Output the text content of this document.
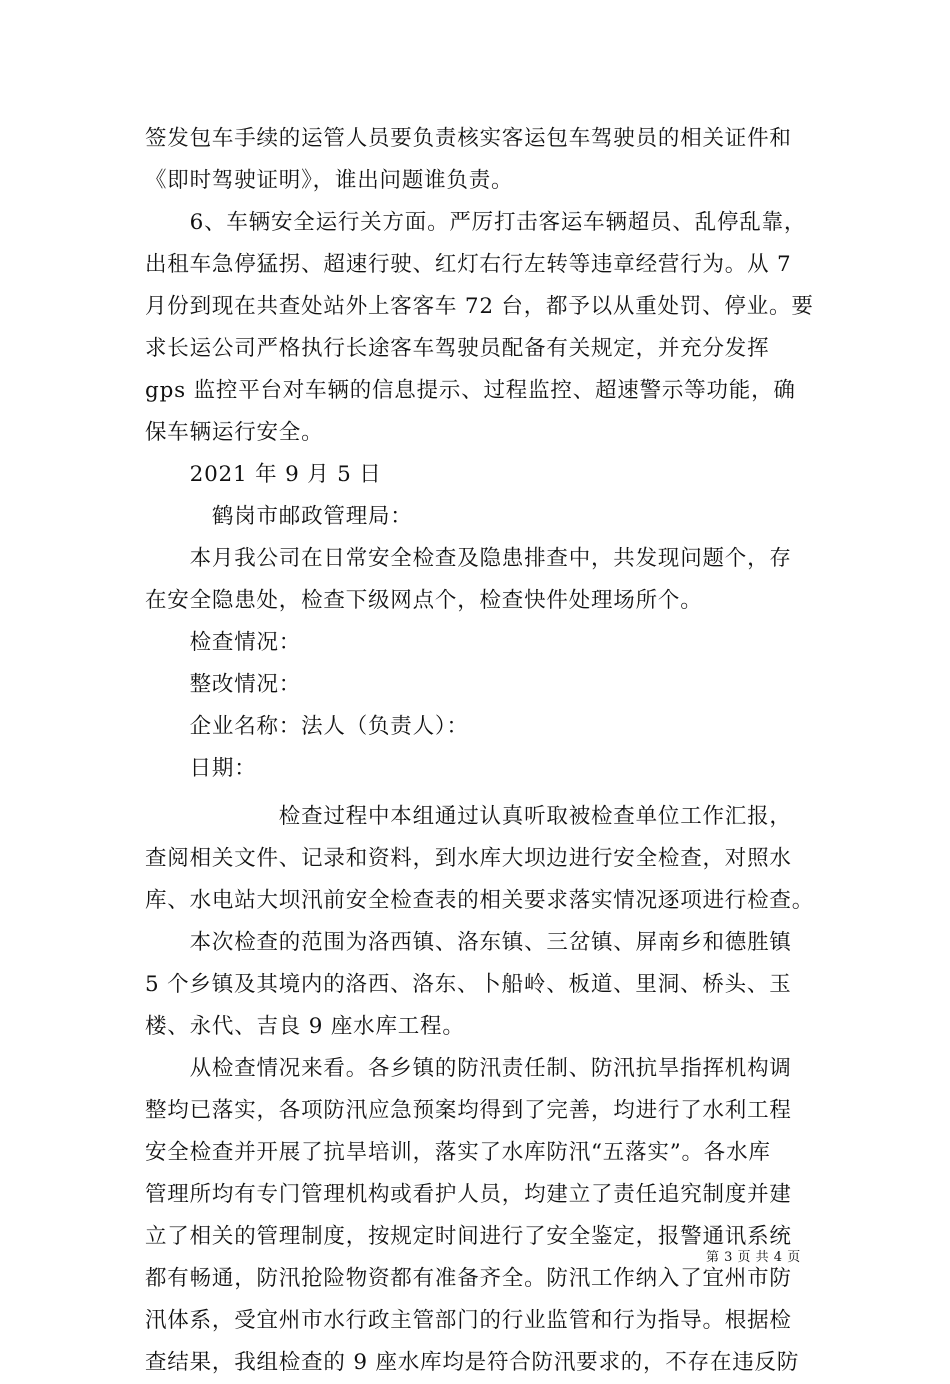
签发包车手续的运管人员要负责核实客运包车驾驶员的相关证件和
《即时驾驶证明》，谁出问题谁负责。
　　6、车辆安全运行关方面。严厉打击客运车辆超员、乱停乱靠，
出租车急停猛拐、超速行驶、红灯右行左转等违章经营行为。从 7
月份到现在共查处站外上客客车 72 台，都予以从重处罚、停业。要
求长运公司严格执行长途客车驾驶员配备有关规定，并充分发挥
gps 监控平台对车辆的信息提示、过程监控、超速警示等功能，确
保车辆运行安全。
　　2021 年 9 月 5 日
　　　鹤岗市邮政管理局：
　　本月我公司在日常安全检查及隐患排查中，共发现问题个，存
在安全隐患处，检查下级网点个，检查快件处理场所个。
　　检查情况：
　　整改情况：
　　企业名称：法人（负责人）：
　　日期：
　　　　　　检查过程中本组通过认真听取被检查单位工作汇报，
查阅相关文件、记录和资料，到水库大坝边进行安全检查，对照水
库、水电站大坝汛前安全检查表的相关要求落实情况逐项进行检查。
　　本次检查的范围为洛西镇、洛东镇、三岔镇、屏南乡和德胜镇
5 个乡镇及其境内的洛西、洛东、卜船岭、板道、里洞、桥头、玉
楼、永代、吉良 9 座水库工程。
　　从检查情况来看。各乡镇的防汛责任制、防汛抗旱指挥机构调
整均已落实，各项防汛应急预案均得到了完善，均进行了水利工程
安全检查并开展了抗旱培训，落实了水库防汛“五落实”。各水库
管理所均有专门管理机构或看护人员，均建立了责任追究制度并建
立了相关的管理制度，按规定时间进行了安全鉴定，报警通讯系统
都有畅通，防汛抢险物资都有准备齐全。防汛工作纳入了宜州市防
汛体系，受宜州市水行政主管部门的行业监管和行为指导。根据检
查结果，我组检查的 9 座水库均是符合防汛要求的，不存在违反防
第 3 页 共 4 页
